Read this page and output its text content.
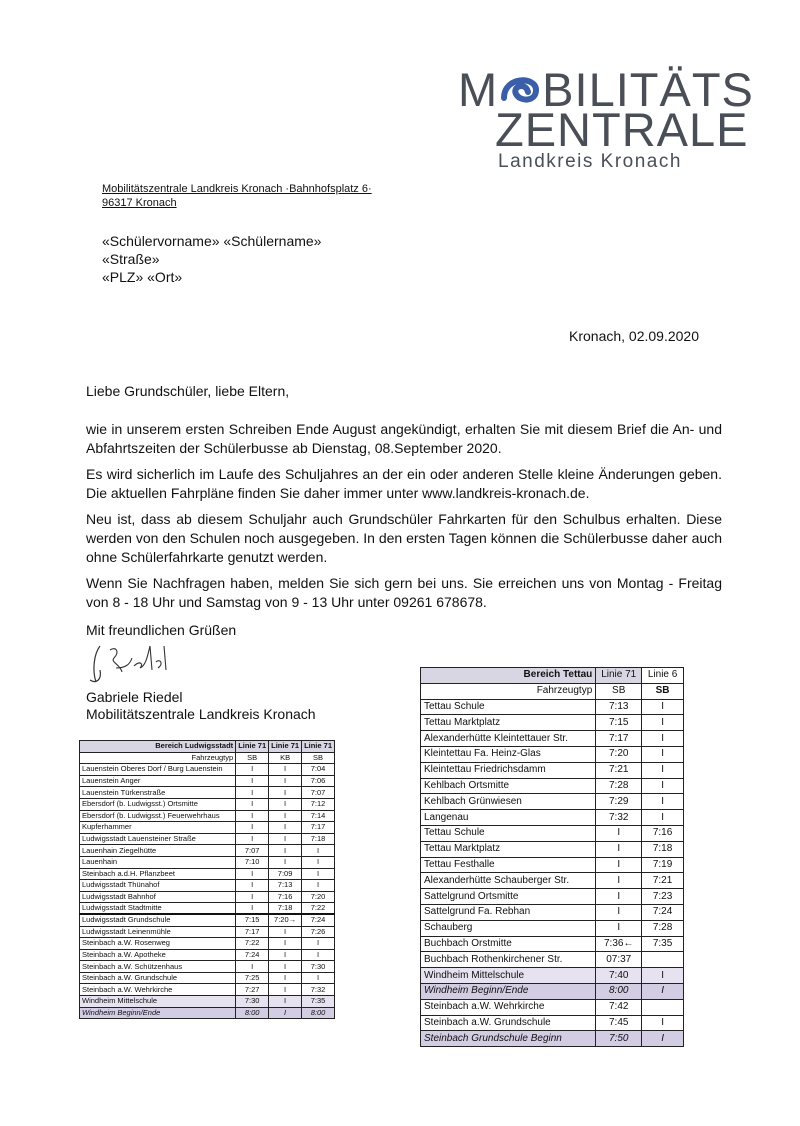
M BILITÄTS
ZENTRALE
Landkreis Kronach
Mobilitätszentrale Landkreis Kronach ·Bahnhofsplatz 6·
96317 Kronach
«Schülervorname» «Schülername»
«Straße»
«PLZ» «Ort»
Kronach, 02.09.2020
Liebe Grundschüler, liebe Eltern,

wie in unserem ersten Schreiben Ende August angekündigt, erhalten Sie mit diesem Brief die An- und Abfahrtszeiten der Schülerbusse ab Dienstag, 08.September 2020.

Es wird sicherlich im Laufe des Schuljahres an der ein oder anderen Stelle kleine Änderungen geben. Die aktuellen Fahrpläne finden Sie daher immer unter www.landkreis-kronach.de.

Neu ist, dass ab diesem Schuljahr auch Grundschüler Fahrkarten für den Schulbus erhalten. Diese werden von den Schulen noch ausgegeben. In den ersten Tagen können die Schülerbusse daher auch ohne Schülerfahrkarte genutzt werden.

Wenn Sie Nachfragen haben, melden Sie sich gern bei uns. Sie erreichen uns von Montag - Freitag von 8 - 18 Uhr und Samstag von 9 - 13 Uhr unter 09261 678678.

Mit freundlichen Grüßen
Gabriele Riedel
Mobilitätszentrale Landkreis Kronach
Bereich Ludwigsstadt	Linie 71	Linie 71	Linie 71
Fahrzeugtyp	SB	KB	SB
Lauenstein Oberes Dorf / Burg Lauenstein	I	I	7:04
Lauenstein Anger	I	I	7:06
Lauenstein Türkenstraße	I	I	7:07
Ebersdorf (b. Ludwigsst.) Ortsmitte	I	I	7:12
Ebersdorf (b. Ludwigsst.) Feuerwehrhaus	I	I	7:14
Kupferhammer	I	I	7:17
Ludwigsstadt Lauensteiner Straße	I	I	7:18
Lauenhain Ziegelhütte	7:07	I	I
Lauenhain	7:10	I	I
Steinbach a.d.H. Pflanzbeet	I	7:09	I
Ludwigsstadt Thünahof	I	7:13	I
Ludwigsstadt Bahnhof	I	7:16	7:20
Ludwigsstadt Stadtmitte	I	7:18	7:22
Ludwigsstadt Grundschule	7:15	7:20→	7:24
Ludwigsstadt Leinenmühle	7:17	I	7:26
Steinbach a.W. Rosenweg	7:22	I	I
Steinbach a.W. Apotheke	7:24	I	I
Steinbach a.W. Schützenhaus	I	I	7:30
Steinbach a.W. Grundschule	7:25	I	I
Steinbach a.W. Wehrkirche	7:27	I	7:32
Windheim Mittelschule	7:30	I	7:35
Windheim Beginn/Ende	8:00	I	8:00
Bereich Tettau	Linie 71	Linie 6
Fahrzeugtyp	SB	SB
Tettau Schule	7:13	I
Tettau Marktplatz	7:15	I
Alexanderhütte Kleintettauer Str.	7:17	I
Kleintettau Fa. Heinz-Glas	7:20	I
Kleintettau Friedrichsdamm	7:21	I
Kehlbach Ortsmitte	7:28	I
Kehlbach Grünwiesen	7:29	I
Langenau	7:32	I
Tettau Schule	I	7:16
Tettau Marktplatz	I	7:18
Tettau Festhalle	I	7:19
Alexanderhütte Schauberger Str.	I	7:21
Sattelgrund Ortsmitte	I	7:23
Sattelgrund Fa. Rebhan	I	7:24
Schauberg	I	7:28
Buchbach Orstmitte	7:36←	7:35
Buchbach Rothenkirchener Str.	07:37	
Windheim Mittelschule	7:40	I
Windheim Beginn/Ende	8:00	I
Steinbach a.W. Wehrkirche	7:42	
Steinbach a.W. Grundschule	7:45	I
Steinbach Grundschule Beginn	7:50	I
